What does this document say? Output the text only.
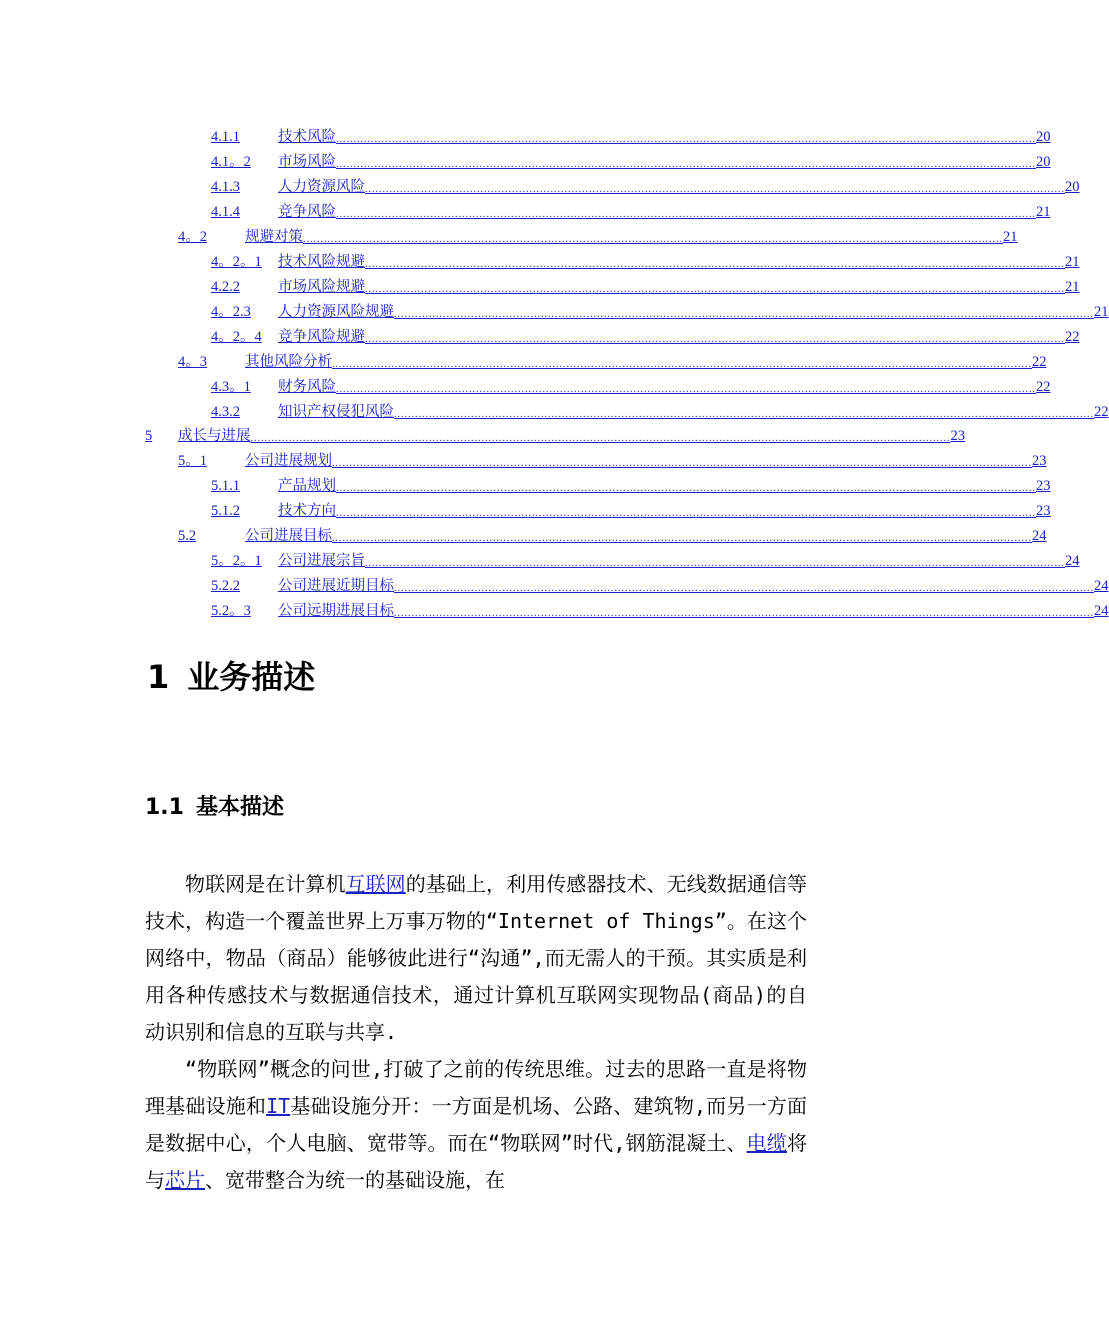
4.1.1	技术风险 ........................................................................................................................................................................................................ 20
4.1。2	市场风险 ........................................................................................................................................................................................................ 20
4.1.3	人力资源风险 ........................................................................................................................................................................................................ 20
4.1.4	竞争风险 ........................................................................................................................................................................................................ 21
4。2	规避对策 ........................................................................................................................................................................................................ 21
4。2。1	技术风险规避 ........................................................................................................................................................................................................ 21
4.2.2	市场风险规避 ........................................................................................................................................................................................................ 21
4。2.3	人力资源风险规避 ........................................................................................................................................................................................................ 21
4。2。4	竞争风险规避 ........................................................................................................................................................................................................ 22
4。3	其他风险分析 ........................................................................................................................................................................................................ 22
4.3。1	财务风险 ........................................................................................................................................................................................................ 22
4.3.2	知识产权侵犯风险 ........................................................................................................................................................................................................ 22
5	成长与进展 ........................................................................................................................................................................................................ 23
5。1	公司进展规划 ........................................................................................................................................................................................................ 23
5.1.1	产品规划 ........................................................................................................................................................................................................ 23
5.1.2	技术方向 ........................................................................................................................................................................................................ 23
5.2	公司进展目标 ........................................................................................................................................................................................................ 24
5。2。1	公司进展宗旨 ........................................................................................................................................................................................................ 24
5.2.2	公司进展近期目标 ........................................................................................................................................................................................................ 24
5.2。3	公司远期进展目标 ........................................................................................................................................................................................................ 24
1 业务描述
1.1 基本描述

物联网是在计算机互联网的基础上，利用传感器技术、无线数据通信等技术，构造一个覆盖世界上万事万物的“Internet of Things”。在这个网络中，物品（商品）能够彼此进行“沟通”,而无需人的干预。其实质是利用各种传感技术与数据通信技术，通过计算机互联网实现物品(商品)的自动识别和信息的互联与共享.

“物联网”概念的问世,打破了之前的传统思维。过去的思路一直是将物理基础设施和IT基础设施分开：一方面是机场、公路、建筑物,而另一方面是数据中心，个人电脑、宽带等。而在“物联网”时代,钢筋混凝土、电缆将与芯片、宽带整合为统一的基础设施，在
